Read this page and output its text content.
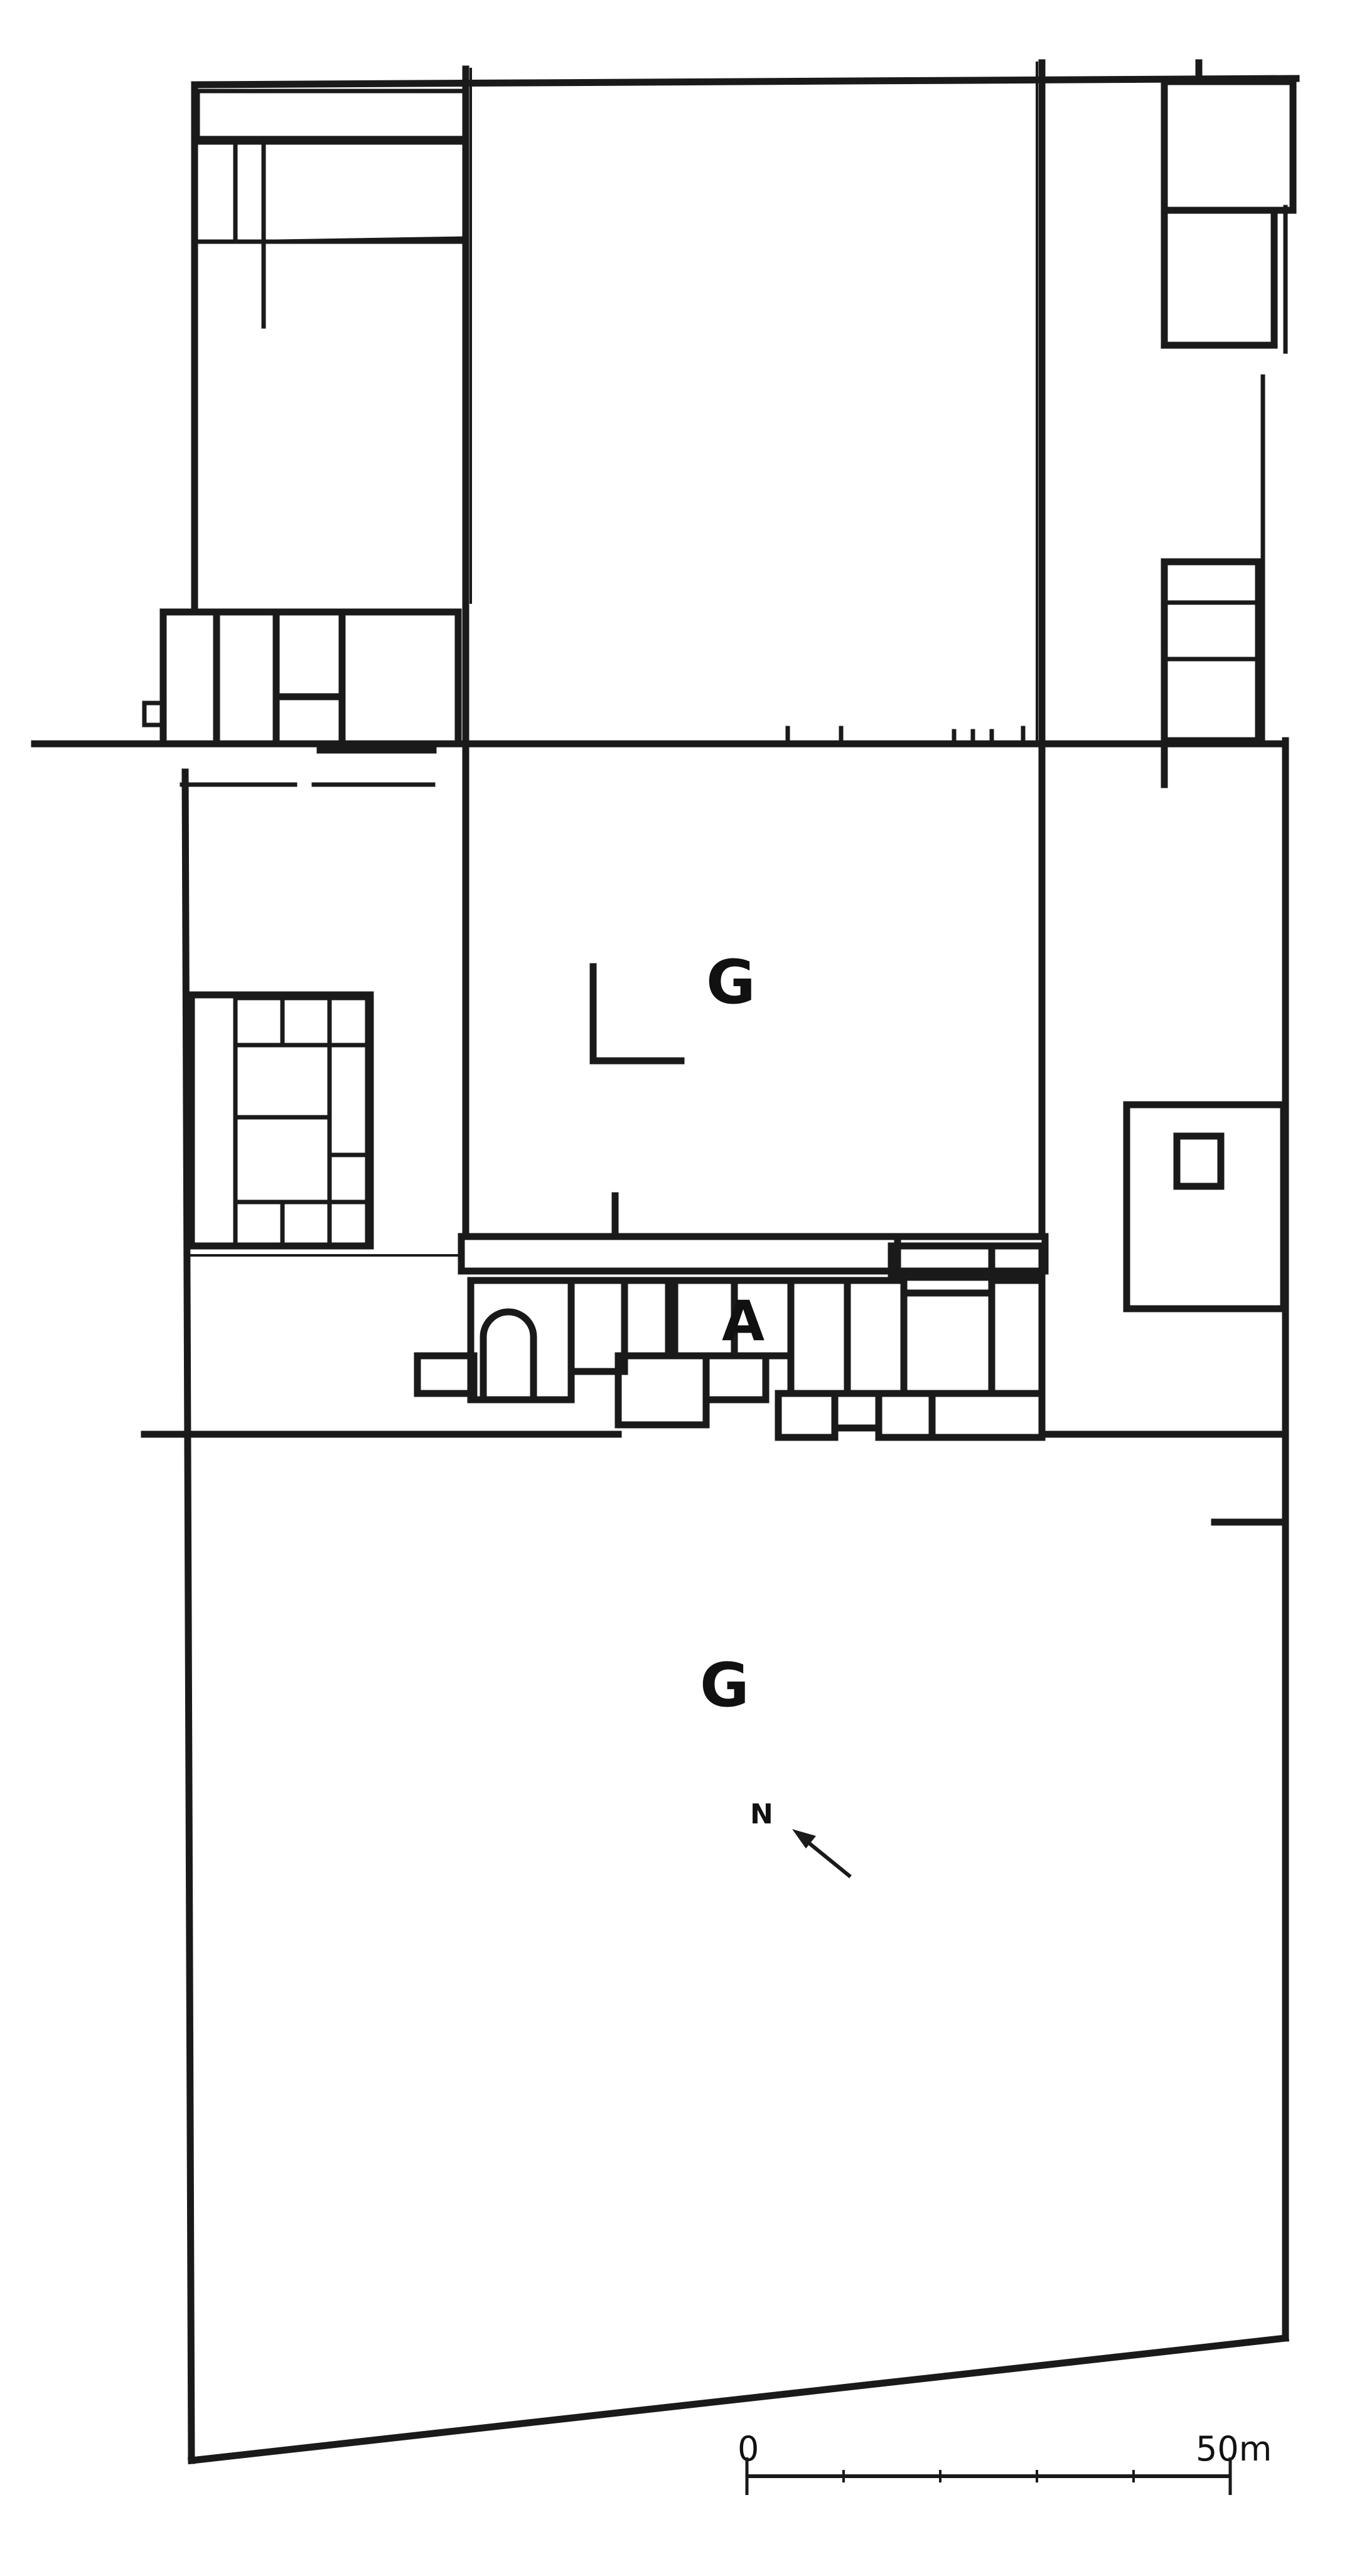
G
A
G
N
0	50m
